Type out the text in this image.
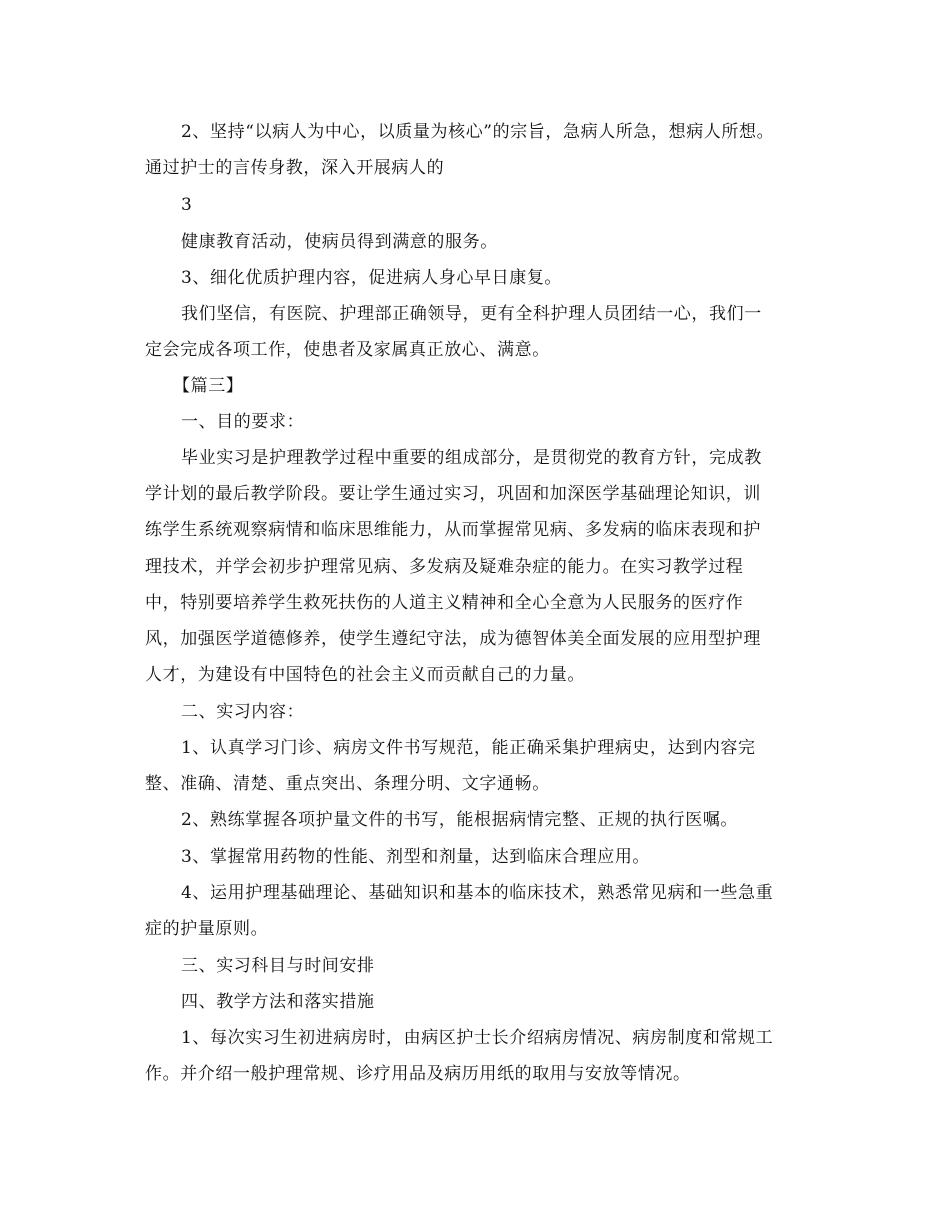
2、坚持“以病人为中心，以质量为核心”的宗旨，急病人所急，想病人所想。
通过护士的言传身教，深入开展病人的
3
健康教育活动，使病员得到满意的服务。
3、细化优质护理内容，促进病人身心早日康复。
我们坚信，有医院、护理部正确领导，更有全科护理人员团结一心，我们一
定会完成各项工作，使患者及家属真正放心、满意。
【篇三】
一、目的要求：
毕业实习是护理教学过程中重要的组成部分，是贯彻党的教育方针，完成教
学计划的最后教学阶段。要让学生通过实习，巩固和加深医学基础理论知识，训
练学生系统观察病情和临床思维能力，从而掌握常见病、多发病的临床表现和护
理技术，并学会初步护理常见病、多发病及疑难杂症的能力。在实习教学过程
中，特别要培养学生救死扶伤的人道主义精神和全心全意为人民服务的医疗作
风，加强医学道德修养，使学生遵纪守法，成为德智体美全面发展的应用型护理
人才，为建设有中国特色的社会主义而贡献自己的力量。
二、实习内容：
1、认真学习门诊、病房文件书写规范，能正确采集护理病史，达到内容完
整、准确、清楚、重点突出、条理分明、文字通畅。
2、熟练掌握各项护量文件的书写，能根据病情完整、正规的执行医嘱。
3、掌握常用药物的性能、剂型和剂量，达到临床合理应用。
4、运用护理基础理论、基础知识和基本的临床技术，熟悉常见病和一些急重
症的护量原则。
三、实习科目与时间安排
四、教学方法和落实措施
1、每次实习生初进病房时，由病区护士长介绍病房情况、病房制度和常规工
作。并介绍一般护理常规、诊疗用品及病历用纸的取用与安放等情况。
